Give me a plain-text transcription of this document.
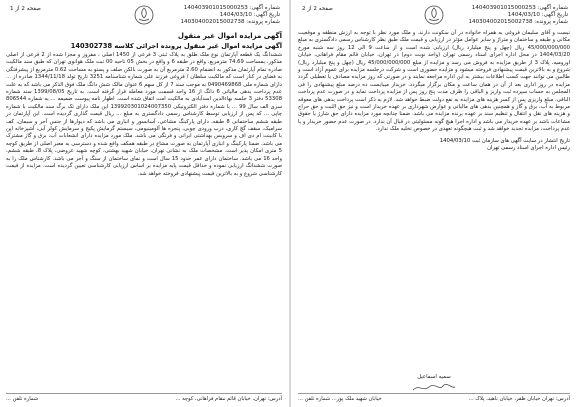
صفحه 2 از 1	شماره آگهی: 140403901015000253
تاریخ آگهی: 1404/03/10
شماره پرونده: 140304002015002738
آگهی مزایده اموال غیر منقول
آگهی مزایده اموال غیر منقول پرونده اجرائی کلاسه 140302738
ششدانگ یک قطعه آپارتمان نوع ملک طلق به پلاک ثبتی 3 فرعی از 1450 اصلی ، مفروز و مجزا شده از 2 فرعی از اصلی مذکور، بمساحت 74.69 مترمربع، واقع در طبقه 6 و واقع در بخش 05 ناحیه 00 تبت ملک هوانوی تهران که طبق سند مالکیت صادره تمام آپارتمان مذکور به انضمام 2.60 مترمربع آن به صورت بالکن صلف و پستو به مساحت 0.62 مترمربع از پیشرفتگی به فضای در کنار است که مالکیت سلطان / فروغی فرزند علی شماره شناسنامه 3251 تاریخ تولد 1344/11/18 صادره از ... دارای شماره ملی 0490469868 به موجب سند 7 از کل سهم 6 عنوان مالک شش دانگ ملک فوق الذکر می باشد که به علت عدم پرداخت بدهی مالیاتی 6 دانگ از 16 واحد قسمت مورد معامله قرار گرفته است. به تاریخ 1399/08/05 سند شماره 53308 دفتر 3 جلسه بهاءالدین اسدآبادی به مالکیت امت اتفاق شده است. اظهار نامه پیوست ضمیمه ... به شماره 806544 سری الف سال 99 ... با شماره دفتر الکترونیکی 139920301024007350 این ملک دارای تک برگ سند مالکیت با شماره چاپی ... که پس از ارزیابی توسط کارشناس رسمی دادگستری به مبلغ ... ریال قیمت گذاری گردیده است. این آپارتمان در طبقه ششم ساختمانی 8 طبقه، دارای پارکینگ مشاعی، آسانسور و انباری می باشد که دیوارها از جنس آجر و سیمان، کف سرامیک، سقف گچ کاری، درب ورودی چوبی، پنجره ها آلومینیومی، سیستم گرمایش پکیج و سرمایش کولر آبی، آشپزخانه اپن با کابینت ام دی اف و سرویس بهداشتی ایرانی و فرنگی می باشد. ملک مورد مزایده دارای انشعابات آب، برق و گاز مشترک می باشد. ضمنا پارکینگ و انباری آپارتمان به صورت مشاع در طبقه همکف واقع شده و دسترسی به معبر اصلی از طریق کوچه 5 متری امکان پذیر است. مشخصات ملک به نشانی تهران، خیابان شهید بهشتی، کوچه شهید عروضی، پلاک 8، طبقه ششم، واحد 16 می باشد. ساختمان دارای عمر حدود 15 سال است و نمای ساختمان از سنگ و آجر می باشد. کارشناس ملک را به صورت ششدانگ ارزیابی نموده و حداقل قیمت پایه مزایده بر اساس ارزیابی کارشناسی تعیین گردیده است. مزایده از قیمت کارشناسی شروع و به بالاترین قیمت پیشنهادی فروخته خواهد شد.
آدرس: تهران، خیابان قائم مقام فراهانی، کوچه ...
شماره تلفن ...
صفحه 2 از 2	شماره آگهی: 140403901015000253
تاریخ آگهی: 1404/03/10
شماره پرونده: 140304002015002738
نیست و آقای سلیمان فروغی به همراه خانواده در آن سکونت دارند. و ملک مورد نظر با توجه به ارزش منطقه و موقعیت مکانی و طبقه و ساختمان و متراژ و سایر عوامل مؤثر در ارزیابی و قیمت ملک طبق نظر کارشناس رسمی دادگستری به مبلغ 45/000/000/000 ریال (چهل و پنج میلیارد ریال) ارزیابی شده است و از ساعت 9 الی 12 روز سه شنبه مورخ 1404/03/20 در محل اداره اجرای اسناد رسمی تهران (واحد نوبت دوم) در تهران، خیابان قائم مقام فراهانی، خیابان اورومیه، پلاک 3 از طریق مزایده به فروش می رسد و مزایده از مبلغ 45/000/000/000 ریال (چهل و پنج میلیارد ریال) شروع و به بالاترین قیمت پیشنهادی فروخته میشود و مزایده حضوری است و شرکت درجلسه مزایده برای عموم آزاد است و طالبین می توانند جهت کسب اطلاعات بیشتر به این اداره مراجعه نمایند و در صورتی که روز مزایده مصادف با تعطیلی گردد مزایده در روز اداری بعد از آن در همان ساعت و مکان برگزار میگردد. خریدار میبایست ده درصد مبلغ پیشنهادی را فی المجلس به حساب سپرده ثبت واریز و الباقی را ظرف مدت پنج روز پس از مزایده پرداخت نماید و در صورت عدم پرداخت الباقی، مبلغ واریزی پس از کسر هزینه های مزایده به نفع دولت ضبط خواهد شد. لازم به ذکر است پرداخت بدهی های معوقه مربوط به آب، برق و گاز و همچنین بدهی های مالیاتی و عوارض شهرداری بر عهده خریدار است و نیز حق الثبت و حق حراج و هزینه های نقل و انتقال و تنظیم سند بر عهده برنده مزایده می باشد. ضمنا چنانچه مورد مزایده دارای حق شارژ یا حقوق مشاعات باشد بر عهده خریدار می باشد و اداره اجرا هیچ گونه مسئولیتی در قبال آن ندارد. در صورت عدم حضور خریدار و یا عدم پرداخت، مزایده تجدید خواهد شد و ثبت هیچگونه تعهدی در خصوص تخلیه ملک ندارد.
تاریخ انتشار در سایت آگهی های سازمان ثبت 1404/03/10
رئیس اداره اجرای اسناد رسمی تهران
سمیه اسماعیل
آدرس: تهران خیابان ظفر، خیابان ناهید، پلاک ...
خیابان شهید ملک پور... شماره تلفن ...
